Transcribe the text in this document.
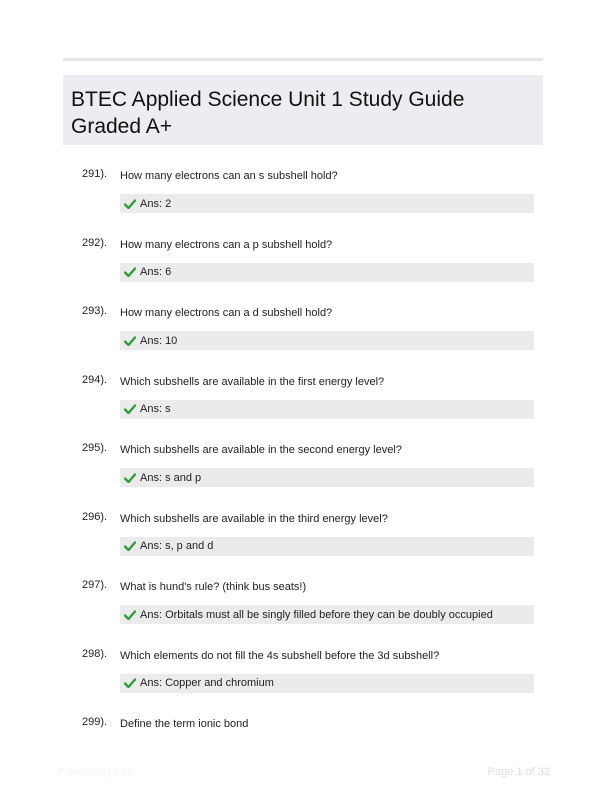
BTEC Applied Science Unit 1 Study Guide Graded A+
291). How many electrons can an s subshell hold?
Ans: 2
292). How many electrons can a p subshell hold?
Ans: 6
293). How many electrons can a d subshell hold?
Ans: 10
294). Which subshells are available in the first energy level?
Ans: s
295). Which subshells are available in the second energy level?
Ans: s and p
296). Which subshells are available in the third energy level?
Ans: s, p and d
297). What is hund's rule? (think bus seats!)
Ans: Orbitals must all be singly filled before they can be doubly occupied
298). Which elements do not fill the 4s subshell before the 3d subshell?
Ans: Copper and chromium
299). Define the term ionic bond
Paperlibrary.com	Page 1 of 32
